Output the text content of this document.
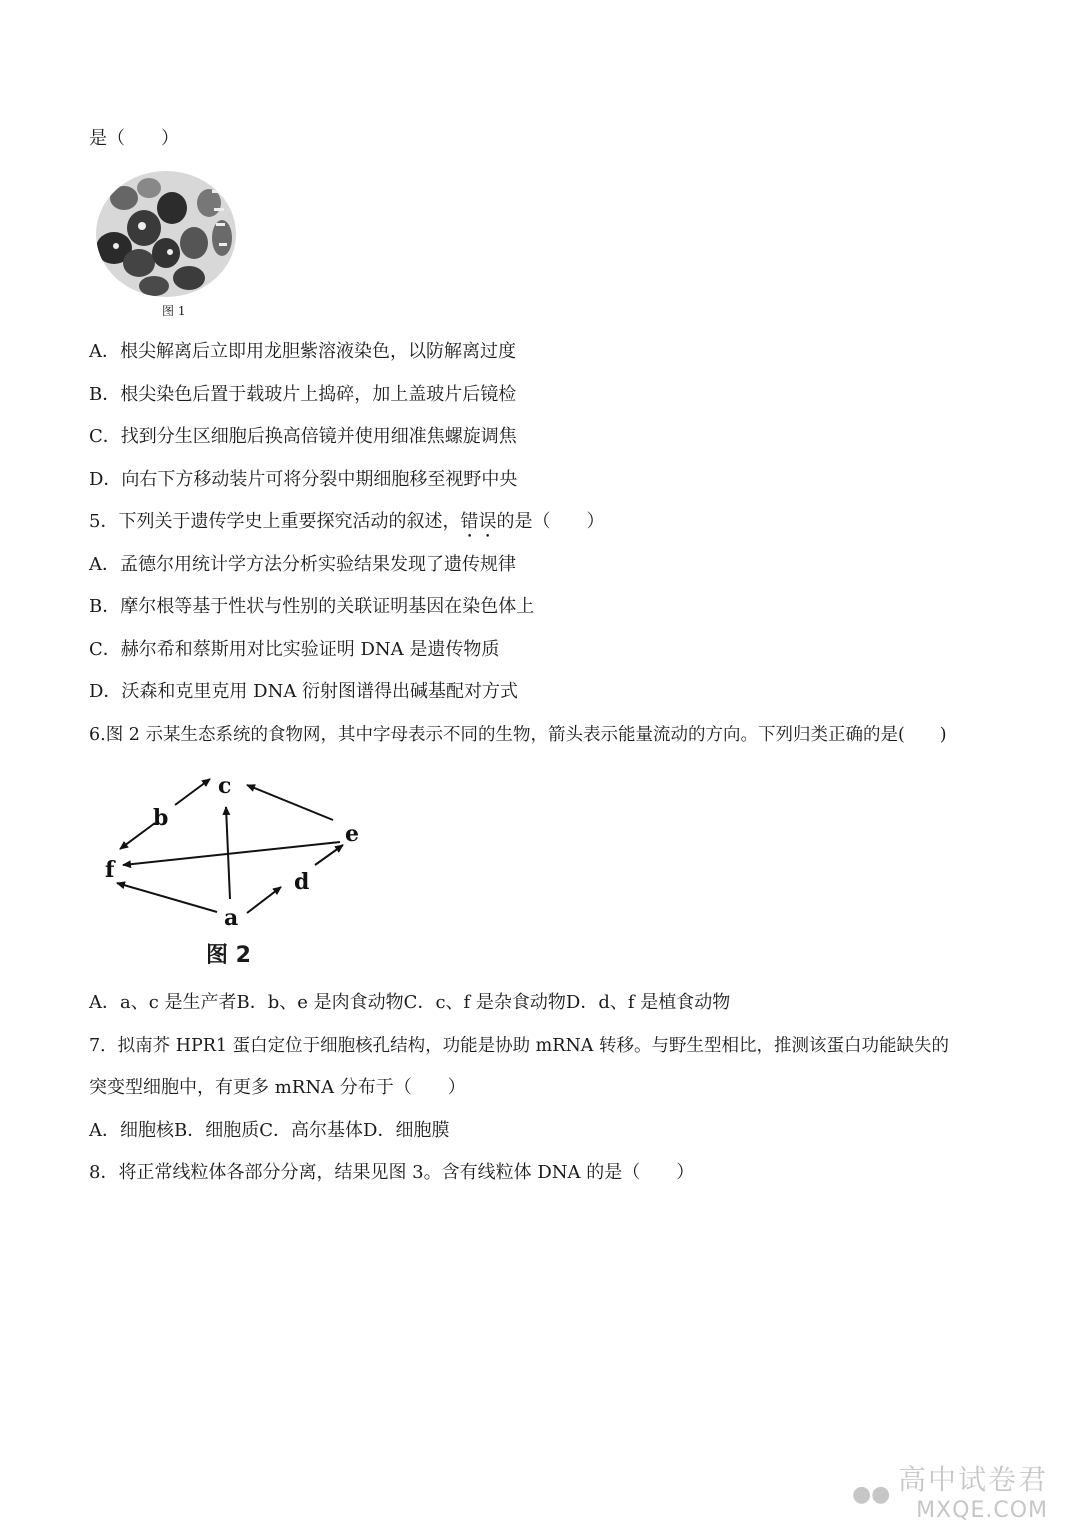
是（　　）
图 1
A．根尖解离后立即用龙胆紫溶液染色，以防解离过度
B．根尖染色后置于载玻片上捣碎，加上盖玻片后镜检
C．找到分生区细胞后换高倍镜并使用细准焦螺旋调焦
D．向右下方移动装片可将分裂中期细胞移至视野中央
5．下列关于遗传学史上重要探究活动的叙述，错误的是（　　）
A．孟德尔用统计学方法分析实验结果发现了遗传规律
B．摩尔根等基于性状与性别的关联证明基因在染色体上
C．赫尔希和蔡斯用对比实验证明 DNA 是遗传物质
D．沃森和克里克用 DNA 衍射图谱得出碱基配对方式
6.图 2 示某生态系统的食物网，其中字母表示不同的生物，箭头表示能量流动的方向。下列归类正确的是(　　)
c
b
e
f	d
a
图 2
A．a、c 是生产者B．b、e 是肉食动物C．c、f 是杂食动物D．d、f 是植食动物
7．拟南芥 HPR1 蛋白定位于细胞核孔结构，功能是协助 mRNA 转移。与野生型相比，推测该蛋白功能缺失的
突变型细胞中，有更多 mRNA 分布于（　　）
A．细胞核B．细胞质C．高尔基体D．细胞膜
8．将正常线粒体各部分分离，结果见图 3。含有线粒体 DNA 的是（　　）
●● 高中试卷君
MXQE.COM
